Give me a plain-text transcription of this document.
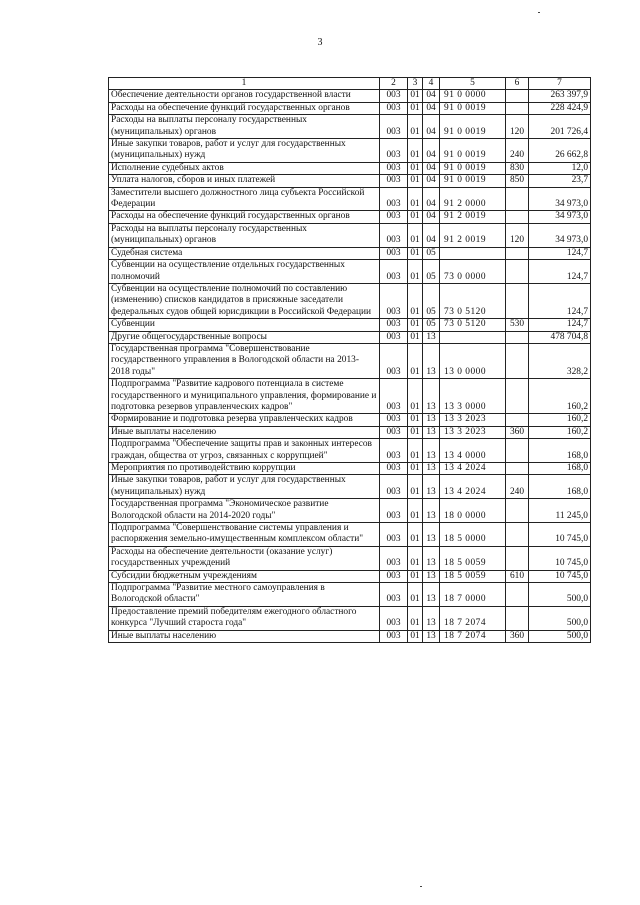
3
1	2	3	4	5	6	7
Обеспечение деятельности органов государственной власти	003	01	04	91 0 0000		263 397,9
Расходы на обеспечение функций государственных органов	003	01	04	91 0 0019		228 424,9
Расходы на выплаты персоналу государственных (муниципальных) органов	003	01	04	91 0 0019	120	201 726,4
Иные закупки товаров, работ и услуг для государственных (муниципальных) нужд	003	01	04	91 0 0019	240	26 662,8
Исполнение судебных актов	003	01	04	91 0 0019	830	12,0
Уплата налогов, сборов и иных платежей	003	01	04	91 0 0019	850	23,7
Заместители высшего должностного лица субъекта Российской Федерации	003	01	04	91 2 0000		34 973,0
Расходы на обеспечение функций государственных органов	003	01	04	91 2 0019		34 973,0
Расходы на выплаты персоналу государственных (муниципальных) органов	003	01	04	91 2 0019	120	34 973,0
Судебная система	003	01	05			124,7
Субвенции на осуществление отдельных государственных полномочий	003	01	05	73 0 0000		124,7
Субвенции на осуществление полномочий по составлению (изменению) списков кандидатов в присяжные заседатели федеральных судов общей юрисдикции в Российской Федерации	003	01	05	73 0 5120		124,7
Субвенции	003	01	05	73 0 5120	530	124,7
Другие общегосударственные вопросы	003	01	13			478 704,8
Государственная программа "Совершенствование государственного управления в Вологодской области на 2013-2018 годы"	003	01	13	13 0 0000		328,2
Подпрограмма "Развитие кадрового потенциала в системе государственного и муниципального управления, формирование и подготовка резервов управленческих кадров"	003	01	13	13 3 0000		160,2
Формирование и подготовка резерва управленческих кадров	003	01	13	13 3 2023		160,2
Иные выплаты населению	003	01	13	13 3 2023	360	160,2
Подпрограмма "Обеспечение защиты прав и законных интересов граждан, общества от угроз, связанных с коррупцией"	003	01	13	13 4 0000		168,0
Мероприятия по противодействию коррупции	003	01	13	13 4 2024		168,0
Иные закупки товаров, работ и услуг для государственных (муниципальных) нужд	003	01	13	13 4 2024	240	168,0
Государственная программа "Экономическое развитие Вологодской области на 2014-2020 годы"	003	01	13	18 0 0000		11 245,0
Подпрограмма "Совершенствование системы управления и распоряжения земельно-имущественным комплексом области"	003	01	13	18 5 0000		10 745,0
Расходы на обеспечение деятельности (оказание услуг) государственных учреждений	003	01	13	18 5 0059		10 745,0
Субсидии бюджетным учреждениям	003	01	13	18 5 0059	610	10 745,0
Подпрограмма "Развитие местного самоуправления в Вологодской области"	003	01	13	18 7 0000		500,0
Предоставление премий победителям ежегодного областного конкурса "Лучший староста года"	003	01	13	18 7 2074		500,0
Иные выплаты населению	003	01	13	18 7 2074	360	500,0
